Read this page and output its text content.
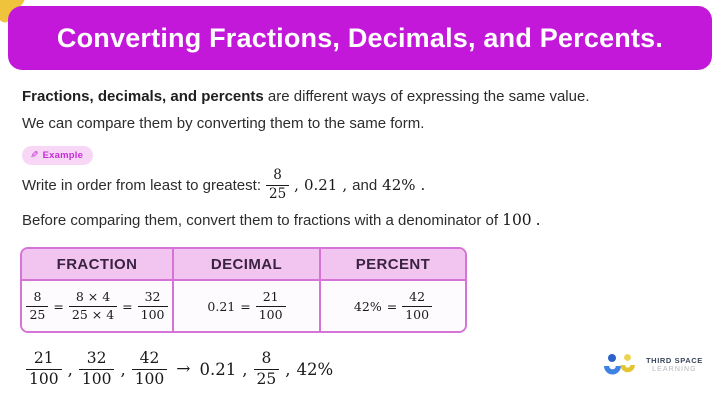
Converting Fractions, Decimals, and Percents.
Fractions, decimals, and percents are different ways of expressing the same value.
We can compare them by converting them to the same form.
✎ Example
Write in order from least to greatest: $\frac{8}{25}$ , 0.21 , and 42% .
Before comparing them, convert them to fractions with a denominator of 100 .
FRACTION	DECIMAL	PERCENT
$\frac{8}{25} = \frac{8 \times 4}{25 \times 4} = \frac{32}{100}$	$0.21 = \frac{21}{100}$	$42\% = \frac{42}{100}$
$\frac{21}{100}$ , $\frac{32}{100}$ , $\frac{42}{100} \to 0.21$ , $\frac{8}{25}$ , 42%	THIRD SPACE
LEARNING
